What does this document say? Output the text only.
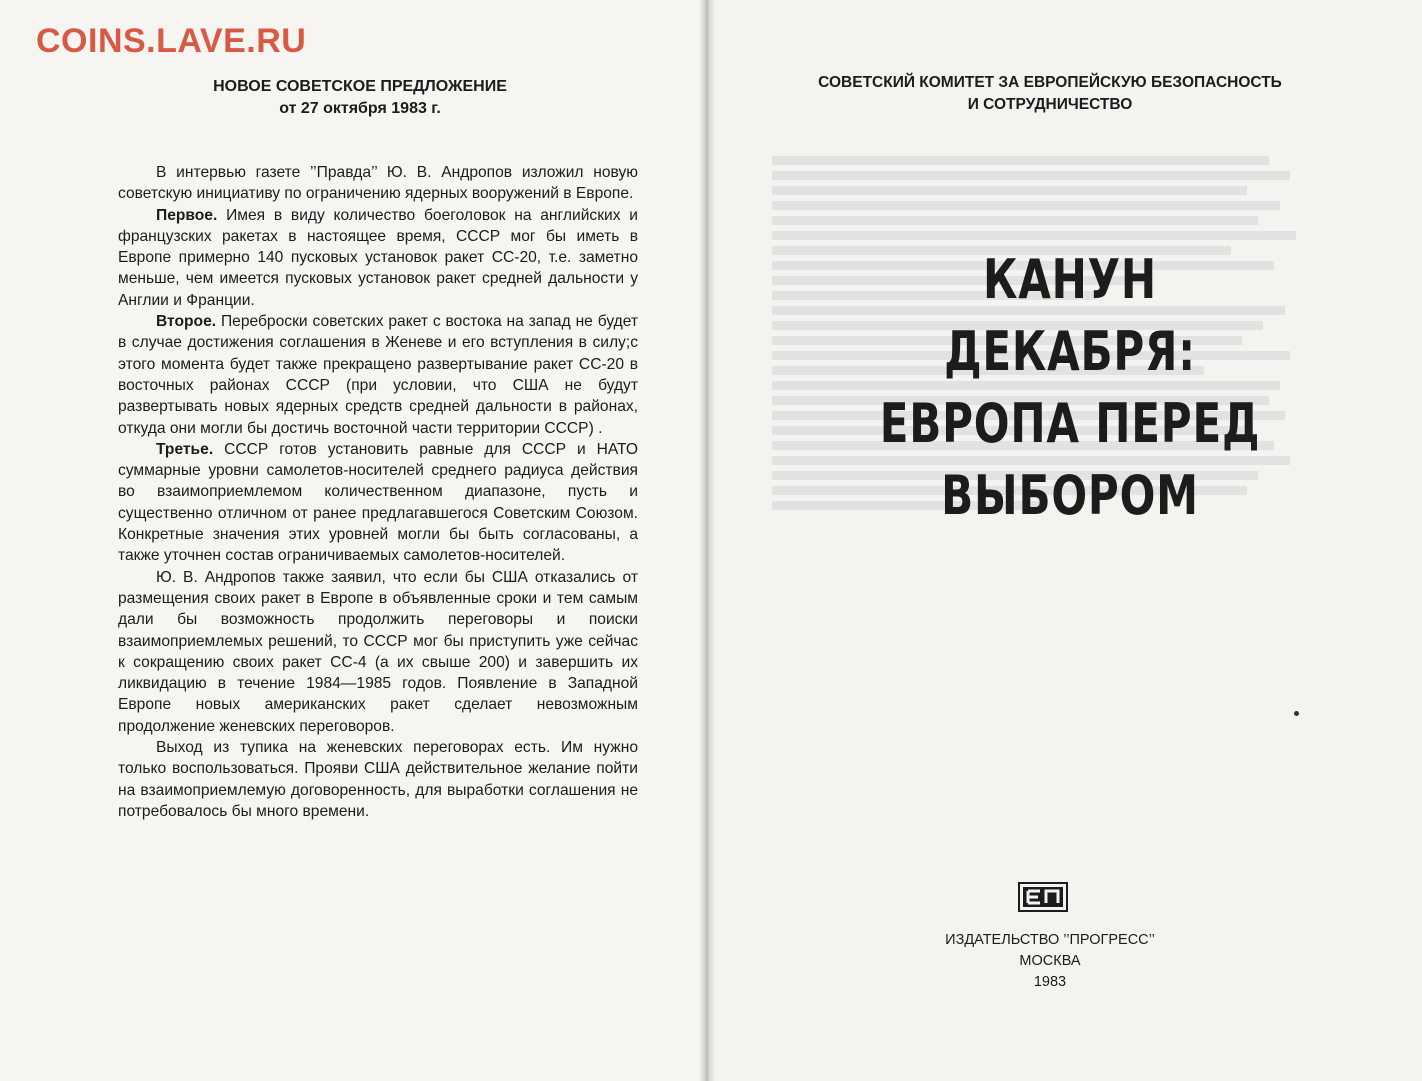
COINS.LAVE.RU
НОВОЕ СОВЕТСКОЕ ПРЕДЛОЖЕНИЕ
от 27 октября 1983 г.

В интервью газете ’’Правда’’ Ю. В. Андропов изложил новую советскую инициативу по ограничению ядерных вооружений в Европе.

Первое. Имея в виду количество боеголовок на английских и французских ракетах в настоящее время, СССР мог бы иметь в Европе примерно 140 пусковых установок ракет СС-20, т.е. заметно меньше, чем имеется пусковых установок ракет средней дальности у Англии и Франции.

Второе. Переброски советских ракет с востока на запад не будет в случае достижения соглашения в Женеве и его вступления в силу;с этого момента будет также прекращено развертывание ракет СС-20 в восточных районах СССР (при условии, что США не будут развертывать новых ядерных средств средней дальности в районах, откуда они могли бы достичь восточной части территории СССР) .

Третье. СССР готов установить равные для СССР и НАТО суммарные уровни самолетов-носителей среднего радиуса действия во взаимоприемлемом количественном диапазоне, пусть и существенно отличном от ранее предлагавшегося Советским Союзом. Конкретные значения этих уровней могли бы быть согласованы, а также уточнен состав ограничиваемых самолетов-носителей.

Ю. В. Андропов также заявил, что если бы США отказались от размещения своих ракет в Европе в объявленные сроки и тем самым дали бы возможность продолжить переговоры и поиски взаимоприемлемых решений, то СССР мог бы приступить уже сейчас к сокращению своих ракет СС-4 (а их свыше 200) и завершить их ликвидацию в течение 1984—1985 годов. Появление в Западной Европе новых американских ракет сделает невозможным продолжение женевских переговоров.

Выход из тупика на женевских переговорах есть. Им нужно только воспользоваться. Прояви США действительное желание пойти на взаимоприемлемую договоренность, для выработки соглашения не потребовалось бы много времени.

СОВЕТСКИЙ КОМИТЕТ ЗА ЕВРОПЕЙСКУЮ БЕЗОПАСНОСТЬ
И СОТРУДНИЧЕСТВО
КАНУН ДЕКАБРЯ:
ЕВРОПА ПЕРЕД ВЫБОРОМ
ИЗДАТЕЛЬСТВО ’’ПРОГРЕСС’’
МОСКВА
1983
